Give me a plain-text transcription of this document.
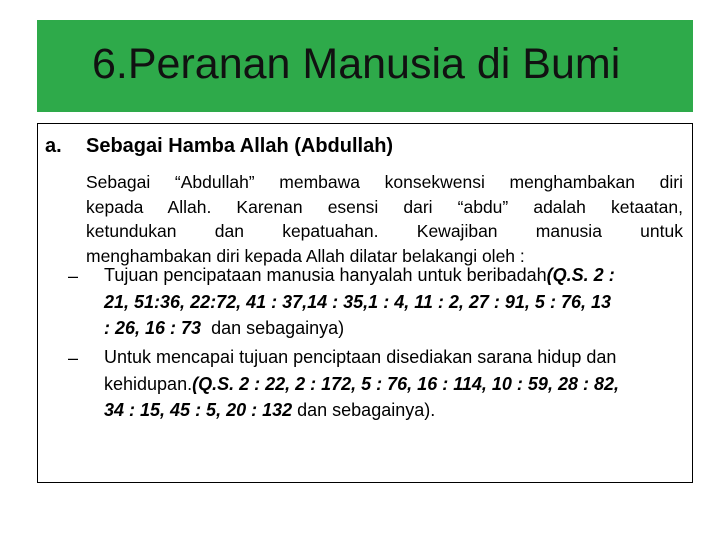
6.Peranan Manusia di Bumi
a. Sebagai Hamba Allah (Abdullah)
Sebagai “Abdullah” membawa konsekwensi menghambakan diri
kepada Allah. Karenan esensi dari “abdu” adalah ketaatan,
ketundukan dan kepatuahan. Kewajiban manusia untuk
menghambakan diri kepada Allah dilatar belakangi oleh :
– Tujuan pencipataan manusia hanyalah untuk beribadah(Q.S. 2 :
21, 51:36, 22:72, 41 : 37,14 : 35,1 : 4, 11 : 2, 27 : 91, 5 : 76, 13
: 26, 16 : 73  dan sebagainya)
– Untuk mencapai tujuan penciptaan disediakan sarana hidup dan
kehidupan.(Q.S. 2 : 22, 2 : 172, 5 : 76, 16 : 114, 10 : 59, 28 : 82,
34 : 15, 45 : 5, 20 : 132 dan sebagainya).
